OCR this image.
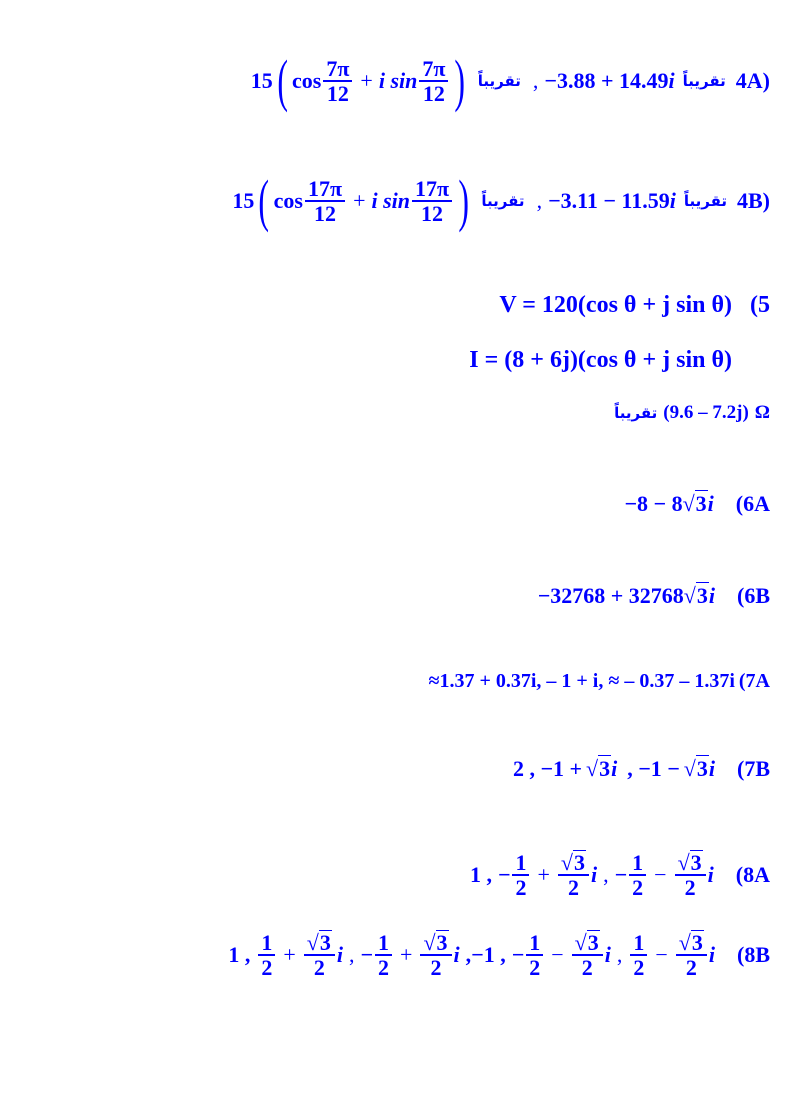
4A)
تقريباً
−3.88 + 14.49 i
,
تقريباً
15 ( $\cos \frac{7\pi}{12} + i$ $\sin \frac{7\pi}{12}$ )
4B)
تقريباً
−3.11 − 11.59 i
,
تقريباً
15 ( $\cos \frac{17\pi}{12} + i$ $\sin \frac{17\pi}{12}$ )
(5
V = 120(cos θ + j sin θ)
I = (8 + 6j)(cos θ + j sin θ)
Ω
(9.6 – 7.2j)
تقريباً
(6A
−8 − 8 √ 3 i
(6B
−32768 + 32768 √ 3 i
(7A
≈1.37 + 0.37i, – 1 + i, ≈ – 0.37 – 1.37i
(7B
2 , −1 + √ 3 i , −1 − √ 3 i
(8A
1 , − $\frac{1}{2} + \frac{√ 3}{2}$ i , − $\frac{1}{2} - \frac{√ 3}{2}$ i
(8B
1 , $\frac{1}{2} + \frac{√ 3}{2}$ i , − $\frac{1}{2} + \frac{√ 3}{2}$ i ,−1 , − $\frac{1}{2} - \frac{√ 3}{2}$ i , $\frac{1}{2} - \frac{√ 3}{2}$ i
